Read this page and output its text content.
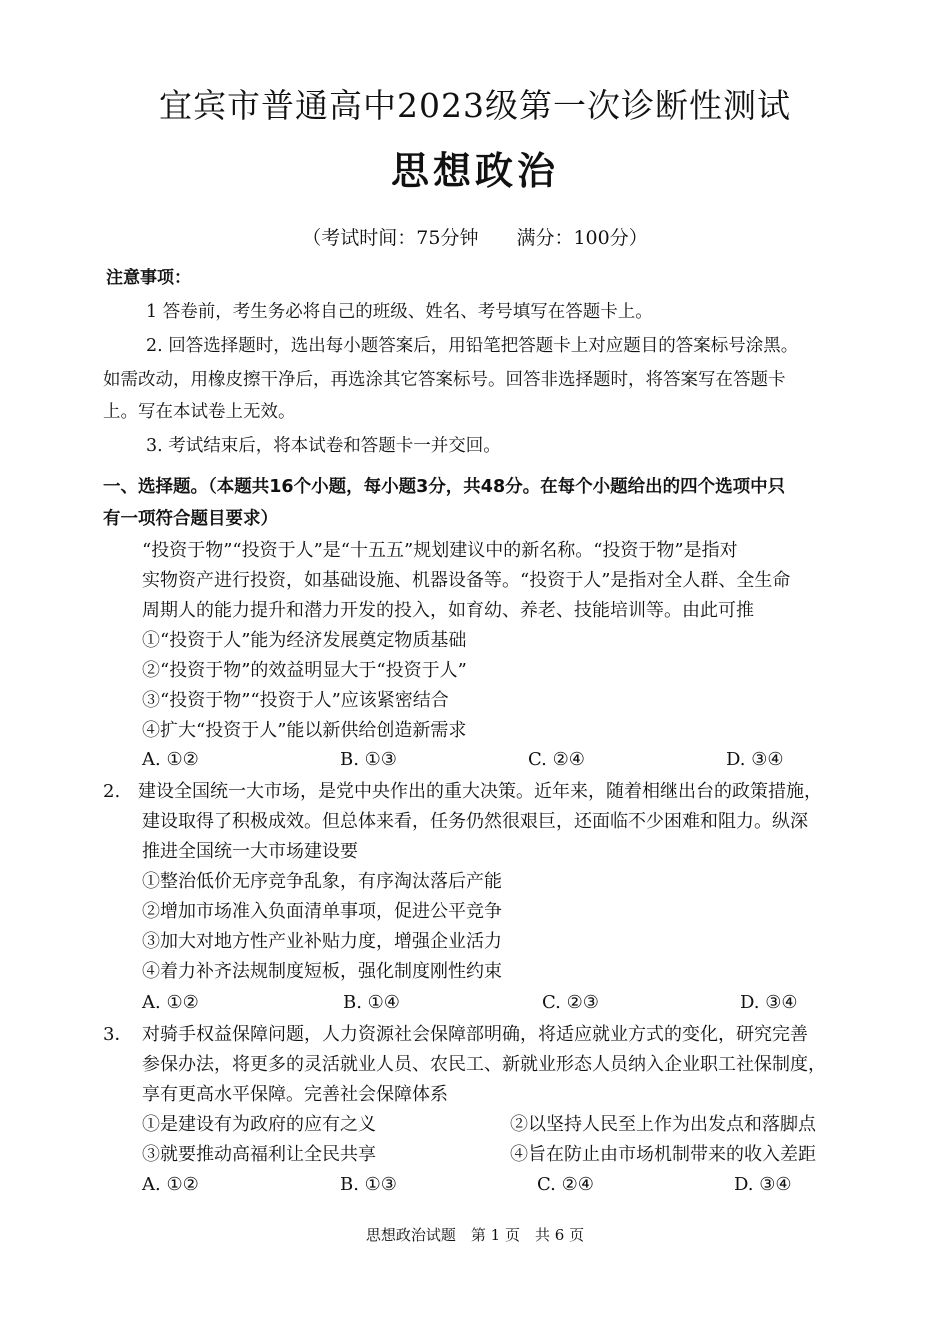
宜宾市普通高中2023级第一次诊断性测试
思想政治
（考试时间：75分钟　　满分：100分）
注意事项：
1 答卷前，考生务必将自己的班级、姓名、考号填写在答题卡上。
2. 回答选择题时，选出每小题答案后，用铅笔把答题卡上对应题目的答案标号涂黑。
如需改动，用橡皮擦干净后，再选涂其它答案标号。回答非选择题时，将答案写在答题卡
上。写在本试卷上无效。
3. 考试结束后，将本试卷和答题卡一并交回。
一、选择题。（本题共16个小题，每小题3分，共48分。在每个小题给出的四个选项中只
有一项符合题目要求）
“投资于物”“投资于人”是“十五五”规划建议中的新名称。“投资于物”是指对
实物资产进行投资，如基础设施、机器设备等。“投资于人”是指对全人群、全生命
周期人的能力提升和潜力开发的投入，如育幼、养老、技能培训等。由此可推
①“投资于人”能为经济发展奠定物质基础
②“投资于物”的效益明显大于“投资于人”
③“投资于物”“投资于人”应该紧密结合
④扩大“投资于人”能以新供给创造新需求
A. ①②	B. ①③	C. ②④	D. ③④
2. 建设全国统一大市场，是党中央作出的重大决策。近年来，随着相继出台的政策措施，
建设取得了积极成效。但总体来看，任务仍然很艰巨，还面临不少困难和阻力。纵深
推进全国统一大市场建设要
①整治低价无序竞争乱象，有序淘汰落后产能
②增加市场准入负面清单事项，促进公平竞争
③加大对地方性产业补贴力度，增强企业活力
④着力补齐法规制度短板，强化制度刚性约束
A. ①②	B. ①④	C. ②③	D. ③④
3． 对骑手权益保障问题，人力资源社会保障部明确，将适应就业方式的变化，研究完善
参保办法，将更多的灵活就业人员、农民工、新就业形态人员纳入企业职工社保制度，
享有更高水平保障。完善社会保障体系
①是建设有为政府的应有之义	②以坚持人民至上作为出发点和落脚点
③就要推动高福利让全民共享	④旨在防止由市场机制带来的收入差距
A. ①②	B. ①③	C. ②④	D. ③④
思想政治试题　第 1 页　共 6 页
